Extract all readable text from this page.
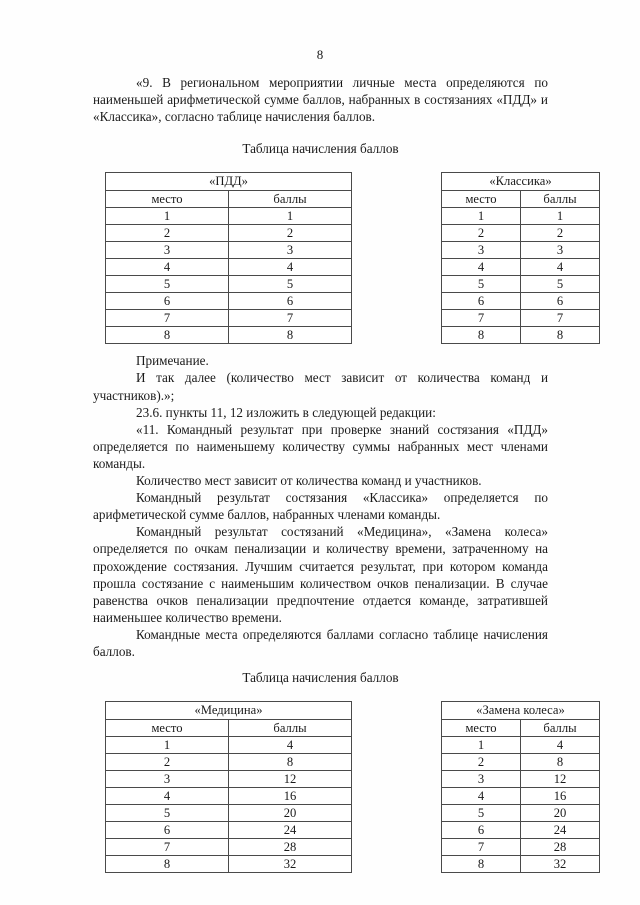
8

«9. В региональном мероприятии личные места определяются по наименьшей арифметической сумме баллов, набранных в состязаниях «ПДД» и «Классика», согласно таблице начисления баллов.

Таблица начисления баллов

«ПДД»	
место	баллы
1	1
2	2
3	3
4	4
5	5
6	6
7	7
8	8
«Классика»	
место	баллы
1	1
2	2
3	3
4	4
5	5
6	6
7	7
8	8

Примечание.

И так далее (количество мест зависит от количества команд и участников).»;

23.6. пункты 11, 12 изложить в следующей редакции:

«11. Командный результат при проверке знаний состязания «ПДД» определяется по наименьшему количеству суммы набранных мест членами команды.

Количество мест зависит от количества команд и участников.

Командный результат состязания «Классика» определяется по арифметической сумме баллов, набранных членами команды.

Командный результат состязаний «Медицина», «Замена колеса» определяется по очкам пенализации и количеству времени, затраченному на прохождение состязания. Лучшим считается результат, при котором команда прошла состязание с наименьшим количеством очков пенализации. В случае равенства очков пенализации предпочтение отдается команде, затратившей наименьшее количество времени.

Командные места определяются баллами согласно таблице начисления баллов.

Таблица начисления баллов

«Медицина»	
место	баллы
1	4
2	8
3	12
4	16
5	20
6	24
7	28
8	32
«Замена колеса»	
место	баллы
1	4
2	8
3	12
4	16
5	20
6	24
7	28
8	32
